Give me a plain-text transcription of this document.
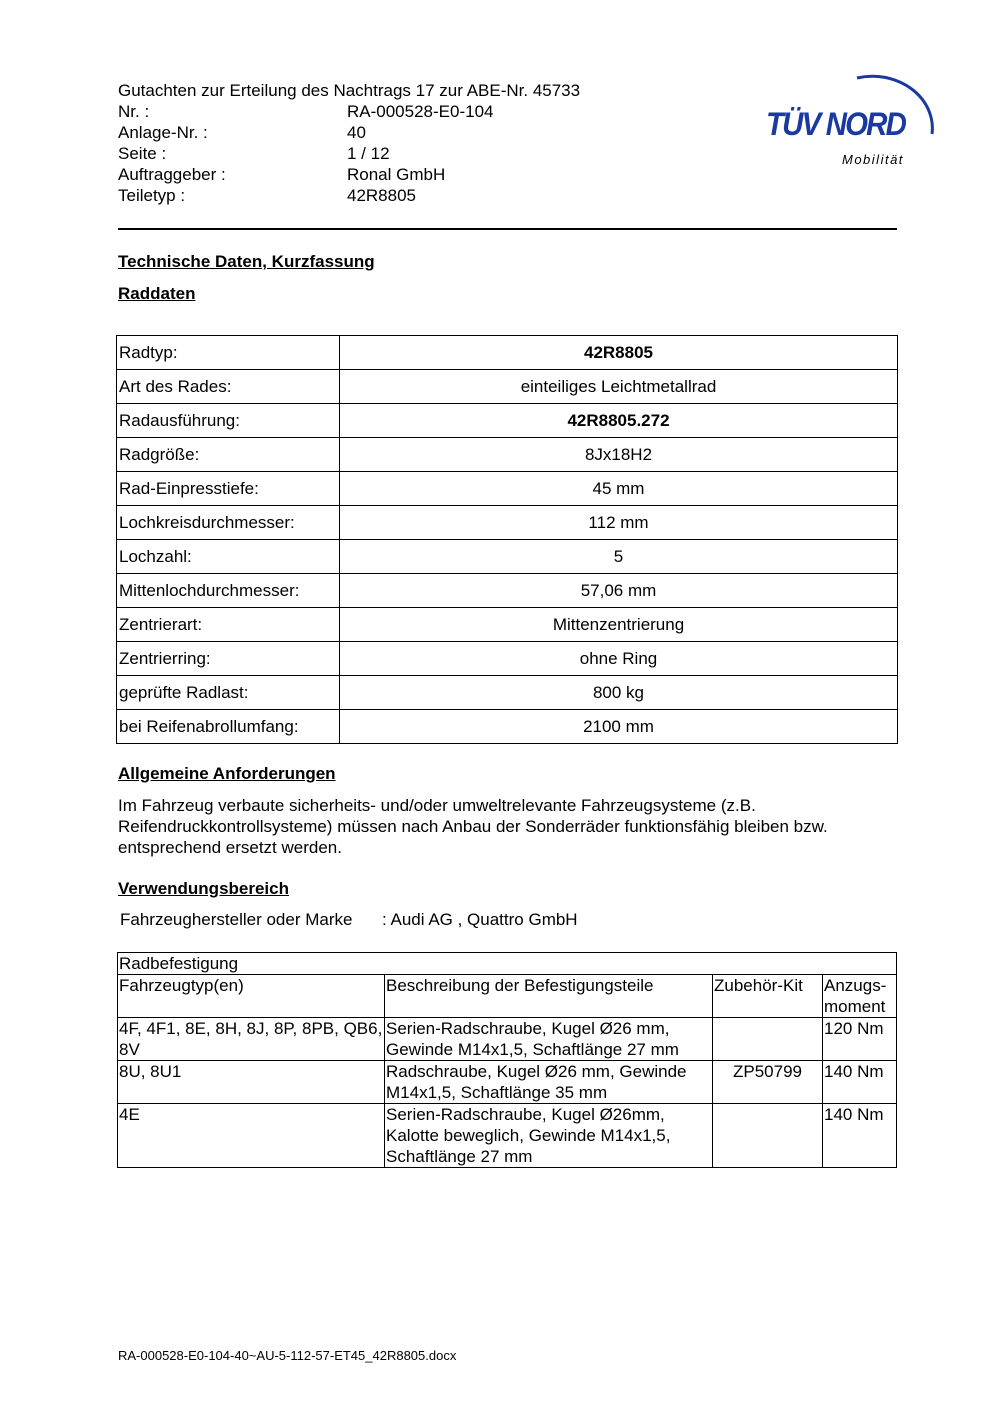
Gutachten zur Erteilung des Nachtrags 17 zur ABE-Nr. 45733
Nr. :	RA-000528-E0-104
Anlage-Nr. :	40
Seite :	1 / 12
Auftraggeber :	Ronal GmbH
Teiletyp :	42R8805
TÜV NORD
Mobilität
Technische Daten, Kurzfassung
Raddaten
Radtyp:	42R8805
Art des Rades:	einteiliges Leichtmetallrad
Radausführung:	42R8805.272
Radgröße:	8Jx18H2
Rad-Einpresstiefe:	45 mm
Lochkreisdurchmesser:	112 mm
Lochzahl:	5
Mittenlochdurchmesser:	57,06 mm
Zentrierart:	Mittenzentrierung
Zentrierring:	ohne Ring
geprüfte Radlast:	800 kg
bei Reifenabrollumfang:	2100 mm
Allgemeine Anforderungen
Im Fahrzeug verbaute sicherheits- und/oder umweltrelevante Fahrzeugsysteme (z.B. Reifendruckkontrollsysteme) müssen nach Anbau der Sonderräder funktionsfähig bleiben bzw. entsprechend ersetzt werden.
Verwendungsbereich
Fahrzeughersteller oder Marke	: Audi AG , Quattro GmbH
Radbefestigung			
Fahrzeugtyp(en)	Beschreibung der Befestigungsteile	Zubehör-Kit	Anzugs-
moment
4F, 4F1, 8E, 8H, 8J, 8P, 8PB, QB6, 8V	Serien-Radschraube, Kugel Ø26 mm, Gewinde M14x1,5, Schaftlänge 27 mm		120 Nm
8U, 8U1	Radschraube, Kugel Ø26 mm, Gewinde M14x1,5, Schaftlänge 35 mm	ZP50799	140 Nm
4E	Serien-Radschraube, Kugel Ø26mm, Kalotte beweglich, Gewinde M14x1,5, Schaftlänge 27 mm		140 Nm
RA-000528-E0-104-40~AU-5-112-57-ET45_42R8805.docx
